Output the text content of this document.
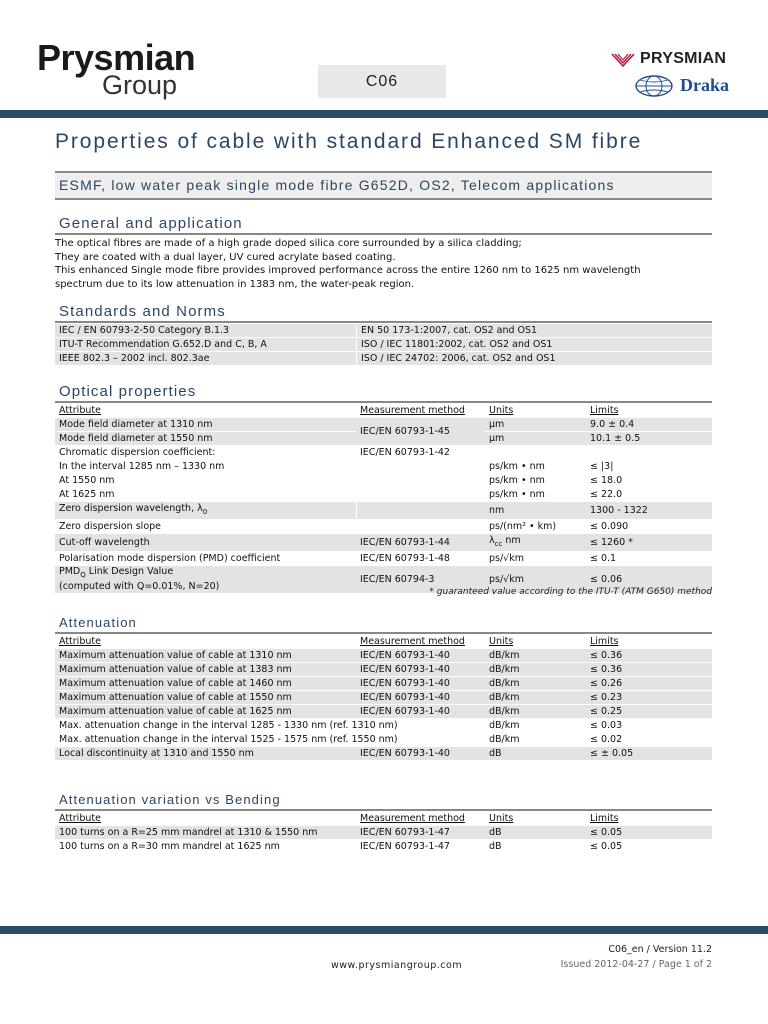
Prysmian
Group	C06
PRYSMIAN
Draka
Properties of cable with standard Enhanced SM fibre
ESMF, low water peak single mode fibre G652D, OS2, Telecom applications
General and application
The optical fibres are made of a high grade doped silica core surrounded by a silica cladding;
They are coated with a dual layer, UV cured acrylate based coating.
This enhanced Single mode fibre provides improved performance across the entire 1260 nm to 1625 nm wavelength
spectrum due to its low attenuation in 1383 nm, the water-peak region.
Standards and Norms
IEC / EN 60793-2-50 Category B.1.3	EN 50 173-1:2007, cat. OS2 and OS1
ITU-T Recommendation G.652.D and C, B, A	ISO / IEC 11801:2002, cat. OS2 and OS1
IEEE 802.3 – 2002 incl. 802.3ae	ISO / IEC 24702: 2006, cat. OS2 and OS1
Optical properties
Attribute	Measurement method	Units	Limits
Mode field diameter at 1310 nm	IEC/EN 60793-1-45	µm	9.0 ± 0.4
Mode field diameter at 1550 nm		µm	10.1 ± 0.5
Chromatic dispersion coefficient:	IEC/EN 60793-1-42		
In the interval 1285 nm – 1330 nm		ps/km • nm	≤ |3|
At 1550 nm		ps/km • nm	≤ 18.0
At 1625 nm		ps/km • nm	≤ 22.0
Zero dispersion wavelength, $\lambda_0$		nm	1300 - 1322
Zero dispersion slope		ps/(nm² • km)	≤ 0.090
Cut-off wavelength	IEC/EN 60793-1-44	$\lambda_{cc}$ nm	≤ 1260 *
Polarisation mode dispersion (PMD) coefficient	IEC/EN 60793-1-48	ps/√km	≤ 0.1
$PMD_Q$ Link Design Value
(computed with Q=0.01%, N=20)	IEC/EN 60794-3	ps/√km	≤ 0.06
* guaranteed value according to the ITU-T (ATM G650) method
Attenuation
Attribute	Measurement method	Units	Limits
Maximum attenuation value of cable at 1310 nm	IEC/EN 60793-1-40	dB/km	≤ 0.36
Maximum attenuation value of cable at 1383 nm	IEC/EN 60793-1-40	dB/km	≤ 0.36
Maximum attenuation value of cable at 1460 nm	IEC/EN 60793-1-40	dB/km	≤ 0.26
Maximum attenuation value of cable at 1550 nm	IEC/EN 60793-1-40	dB/km	≤ 0.23
Maximum attenuation value of cable at 1625 nm	IEC/EN 60793-1-40	dB/km	≤ 0.25
Max. attenuation change in the interval 1285 - 1330 nm (ref. 1310 nm)		dB/km	≤ 0.03
Max. attenuation change in the interval 1525 - 1575 nm (ref. 1550 nm)		dB/km	≤ 0.02
Local discontinuity at 1310 and 1550 nm	IEC/EN 60793-1-40	dB	≤ ± 0.05
Attenuation variation vs Bending
Attribute	Measurement method	Units	Limits
100 turns on a R=25 mm mandrel at 1310 & 1550 nm	IEC/EN 60793-1-47	dB	≤ 0.05
100 turns on a R=30 mm mandrel at 1625 nm	IEC/EN 60793-1-47	dB	≤ 0.05
C06_en / Version 11.2
www.prysmiangroup.com	Issued 2012-04-27 / Page 1 of 2
